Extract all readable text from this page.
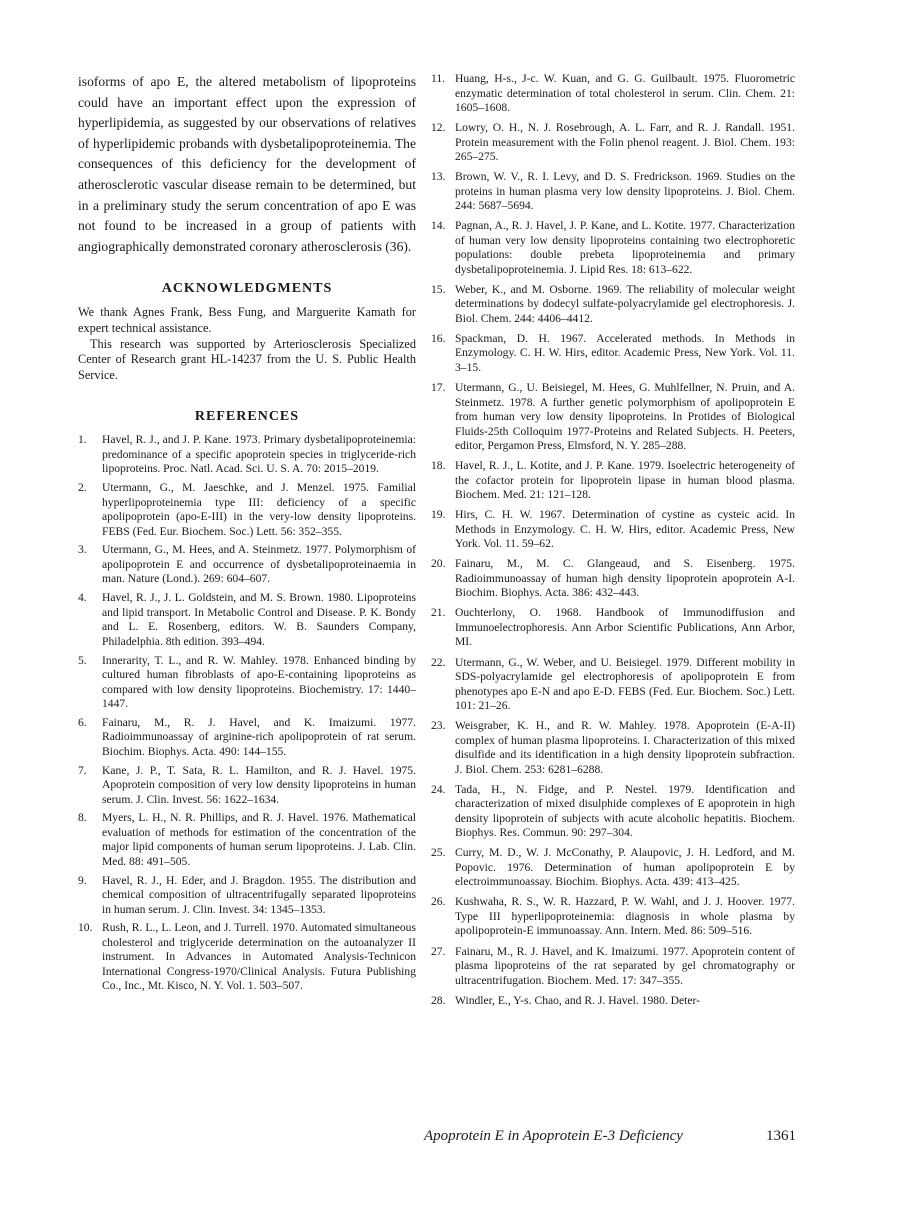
isoforms of apo E, the altered metabolism of lipoproteins could have an important effect upon the expression of hyperlipidemia, as suggested by our observations of relatives of hyperlipidemic probands with dysbetalipoproteinemia. The consequences of this deficiency for the development of atherosclerotic vascular disease remain to be determined, but in a preliminary study the serum concentration of apo E was not found to be increased in a group of patients with angiographically demonstrated coronary atherosclerosis (36).

ACKNOWLEDGMENTS

We thank Agnes Frank, Bess Fung, and Marguerite Kamath for expert technical assistance.

This research was supported by Arteriosclerosis Specialized Center of Research grant HL-14237 from the U. S. Public Health Service.

REFERENCES
1.	Havel, R. J., and J. P. Kane. 1973. Primary dysbetalipoproteinemia: predominance of a specific apoprotein species in triglyceride-rich lipoproteins. Proc. Natl. Acad. Sci. U. S. A. 70: 2015–2019.
2.	Utermann, G., M. Jaeschke, and J. Menzel. 1975. Familial hyperlipoproteinemia type III: deficiency of a specific apolipoprotein (apo-E-III) in the very-low density lipoproteins. FEBS (Fed. Eur. Biochem. Soc.) Lett. 56: 352–355.
3.	Utermann, G., M. Hees, and A. Steinmetz. 1977. Polymorphism of apolipoprotein E and occurrence of dysbetalipoproteinaemia in man. Nature (Lond.). 269: 604–607.
4.	Havel, R. J., J. L. Goldstein, and M. S. Brown. 1980. Lipoproteins and lipid transport. In Metabolic Control and Disease. P. K. Bondy and L. E. Rosenberg, editors. W. B. Saunders Company, Philadelphia. 8th edition. 393–494.
5.	Innerarity, T. L., and R. W. Mahley. 1978. Enhanced binding by cultured human fibroblasts of apo-E-containing lipoproteins as compared with low density lipoproteins. Biochemistry. 17: 1440–1447.
6.	Fainaru, M., R. J. Havel, and K. Imaizumi. 1977. Radioimmunoassay of arginine-rich apolipoprotein of rat serum. Biochim. Biophys. Acta. 490: 144–155.
7.	Kane, J. P., T. Sata, R. L. Hamilton, and R. J. Havel. 1975. Apoprotein composition of very low density lipoproteins in human serum. J. Clin. Invest. 56: 1622–1634.
8.	Myers, L. H., N. R. Phillips, and R. J. Havel. 1976. Mathematical evaluation of methods for estimation of the concentration of the major lipid components of human serum lipoproteins. J. Lab. Clin. Med. 88: 491–505.
9.	Havel, R. J., H. Eder, and J. Bragdon. 1955. The distribution and chemical composition of ultracentrifugally separated lipoproteins in human serum. J. Clin. Invest. 34: 1345–1353.
10. Rush, R. L., L. Leon, and J. Turrell. 1970. Automated simultaneous cholesterol and triglyceride determination on the autoanalyzer II instrument. In Advances in Automated Analysis-Technicon International Congress-1970/Clinical Analysis. Futura Publishing Co., Inc., Mt. Kisco, N. Y. Vol. 1. 503–507.
11. Huang, H-s., J-c. W. Kuan, and G. G. Guilbault. 1975. Fluorometric enzymatic determination of total cholesterol in serum. Clin. Chem. 21: 1605–1608.
12. Lowry, O. H., N. J. Rosebrough, A. L. Farr, and R. J. Randall. 1951. Protein measurement with the Folin phenol reagent. J. Biol. Chem. 193: 265–275.
13. Brown, W. V., R. I. Levy, and D. S. Fredrickson. 1969. Studies on the proteins in human plasma very low density lipoproteins. J. Biol. Chem. 244: 5687–5694.
14. Pagnan, A., R. J. Havel, J. P. Kane, and L. Kotite. 1977. Characterization of human very low density lipoproteins containing two electrophoretic populations: double prebeta lipoproteinemia and primary dysbetalipoproteinemia. J. Lipid Res. 18: 613–622.
15. Weber, K., and M. Osborne. 1969. The reliability of molecular weight determinations by dodecyl sulfate-polyacrylamide gel electrophoresis. J. Biol. Chem. 244: 4406–4412.
16. Spackman, D. H. 1967. Accelerated methods. In Methods in Enzymology. C. H. W. Hirs, editor. Academic Press, New York. Vol. 11. 3–15.
17. Utermann, G., U. Beisiegel, M. Hees, G. Muhlfellner, N. Pruin, and A. Steinmetz. 1978. A further genetic polymorphism of apolipoprotein E from human very low density lipoproteins. In Protides of Biological Fluids-25th Colloquim 1977-Proteins and Related Subjects. H. Peeters, editor, Pergamon Press, Elmsford, N. Y. 285–288.
18. Havel, R. J., L. Kotite, and J. P. Kane. 1979. Isoelectric heterogeneity of the cofactor protein for lipoprotein lipase in human blood plasma. Biochem. Med. 21: 121–128.
19. Hirs, C. H. W. 1967. Determination of cystine as cysteic acid. In Methods in Enzymology. C. H. W. Hirs, editor. Academic Press, New York. Vol. 11. 59–62.
20. Fainaru, M., M. C. Glangeaud, and S. Eisenberg. 1975. Radioimmunoassay of human high density lipoprotein apoprotein A-I. Biochim. Biophys. Acta. 386: 432–443.
21. Ouchterlony, O. 1968. Handbook of Immunodiffusion and Immunoelectrophoresis. Ann Arbor Scientific Publications, Ann Arbor, MI.
22. Utermann, G., W. Weber, and U. Beisiegel. 1979. Different mobility in SDS-polyacrylamide gel electrophoresis of apolipoprotein E from phenotypes apo E-N and apo E-D. FEBS (Fed. Eur. Biochem. Soc.) Lett. 101: 21–26.
23. Weisgraber, K. H., and R. W. Mahley. 1978. Apoprotein (E-A-II) complex of human plasma lipoproteins. I. Characterization of this mixed disulfide and its identification in a high density lipoprotein subfraction. J. Biol. Chem. 253: 6281–6288.
24. Tada, H., N. Fidge, and P. Nestel. 1979. Identification and characterization of mixed disulphide complexes of E apoprotein in high density lipoprotein of subjects with acute alcoholic hepatitis. Biochem. Biophys. Res. Commun. 90: 297–304.
25. Curry, M. D., W. J. McConathy, P. Alaupovic, J. H. Ledford, and M. Popovic. 1976. Determination of human apolipoprotein E by electroimmunoassay. Biochim. Biophys. Acta. 439: 413–425.
26. Kushwaha, R. S., W. R. Hazzard, P. W. Wahl, and J. J. Hoover. 1977. Type III hyperlipoproteinemia: diagnosis in whole plasma by apolipoprotein-E immunoassay. Ann. Intern. Med. 86: 509–516.
27. Fainaru, M., R. J. Havel, and K. Imaizumi. 1977. Apoprotein content of plasma lipoproteins of the rat separated by gel chromatography or ultracentrifugation. Biochem. Med. 17: 347–355.
28. Windler, E., Y-s. Chao, and R. J. Havel. 1980. Deter-
Apoprotein E in Apoprotein E-3 Deficiency	1361
